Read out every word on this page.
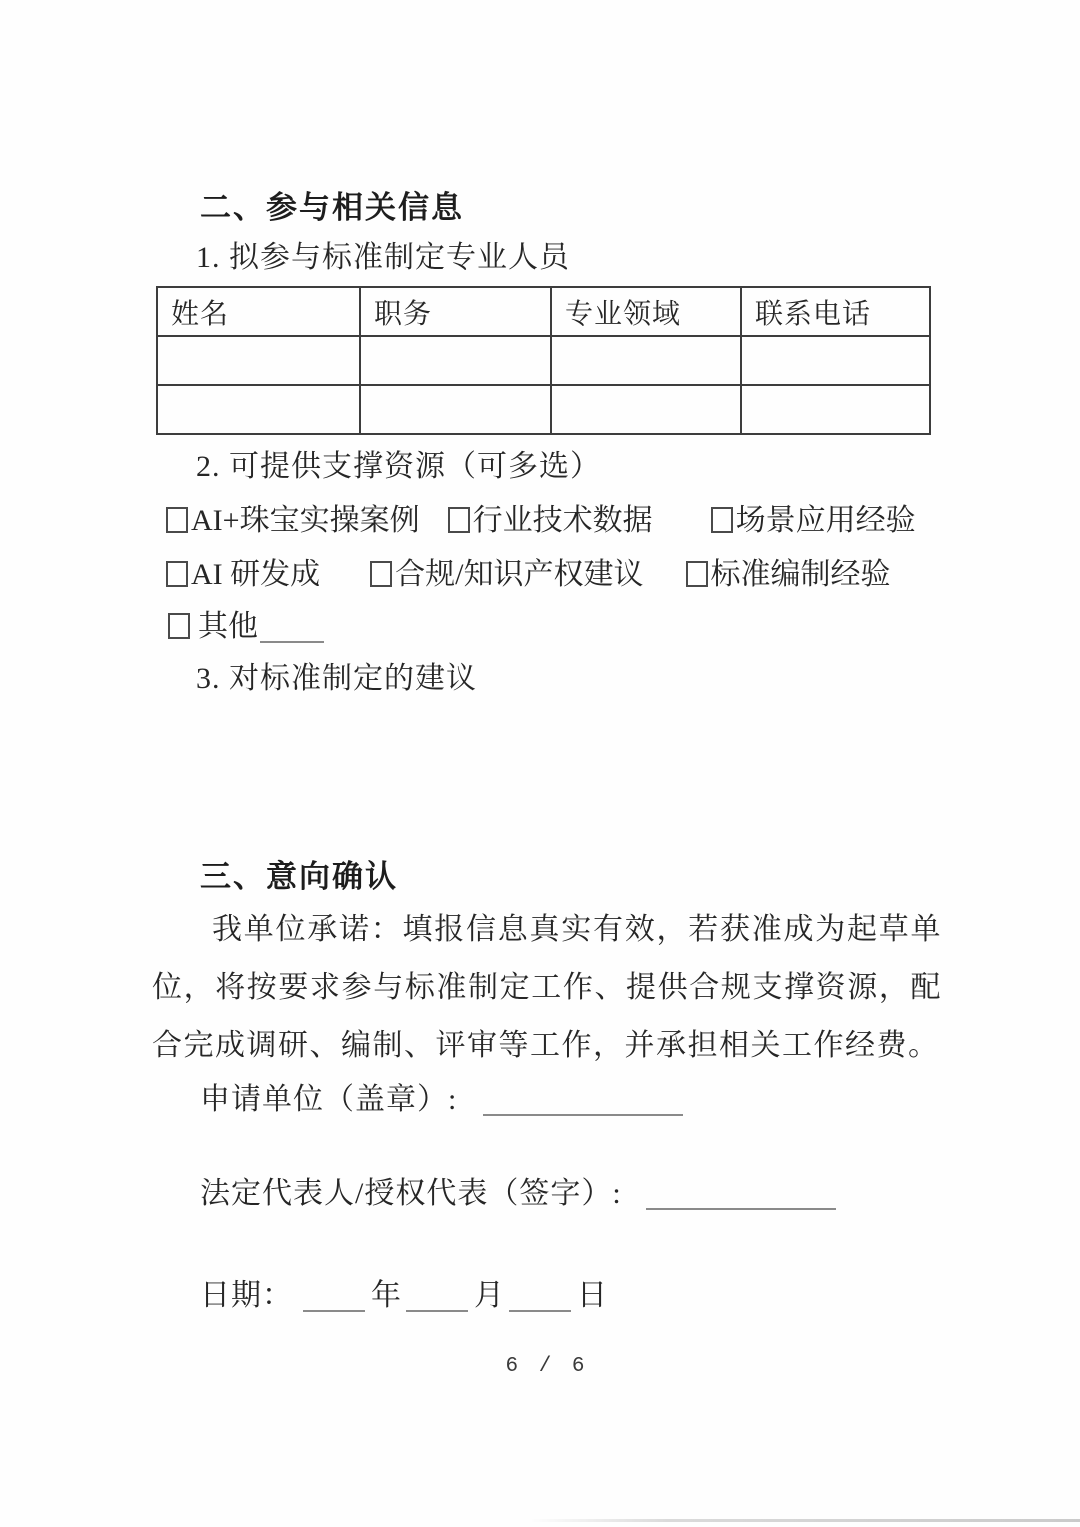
二、参与相关信息
1. 拟参与标准制定专业人员
姓名	职务	专业领域	联系电话

2. 可提供支撑资源（可多选）
AI+珠宝实操案例 行业技术数据	场景应用经验
AI 研发成	合规/知识产权建议 标准编制经验
其他
3. 对标准制定的建议
三、意向确认

我单位承诺：填报信息真实有效，若获准成为起草单位，将按要求参与标准制定工作、提供合规支撑资源，配合完成调研、编制、评审等工作，并承担相关工作经费。

申请单位（盖章）:
法定代表人/授权代表（签字）:
日期：	年 月 日
6 / 6
